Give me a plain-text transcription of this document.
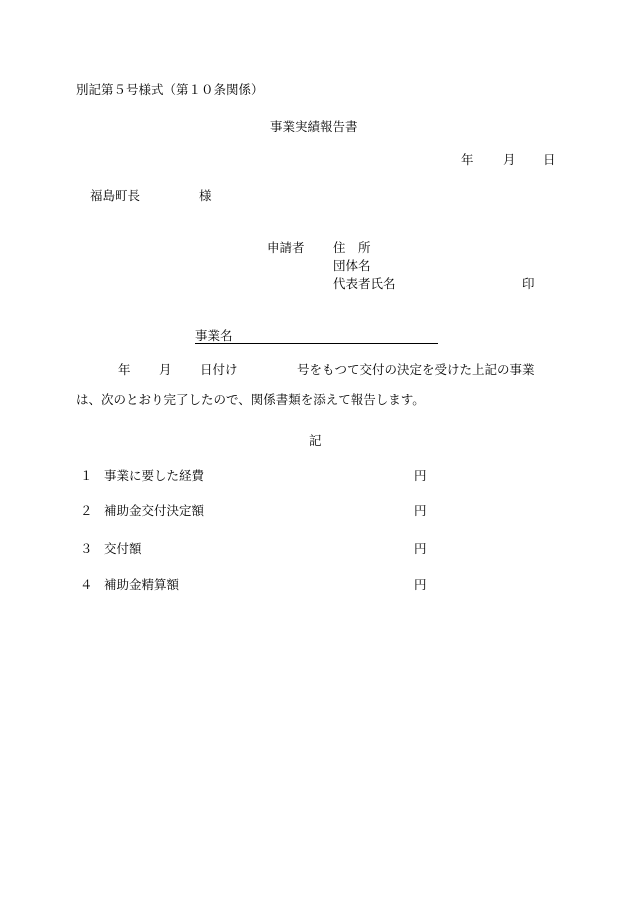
別記第５号様式（第１０条関係）
事業実績報告書
年 月 日
福島町長	様
申請者 住　所
団体名
代表者氏名	印
事業名
年 月 日付け	号をもつて交付の決定を受けた上記の事業
は、次のとおり完了したので、関係書類を添えて報告します。
記
１ 事業に要した経費	円
２ 補助金交付決定額	円
３ 交付額	円
４ 補助金精算額	円
